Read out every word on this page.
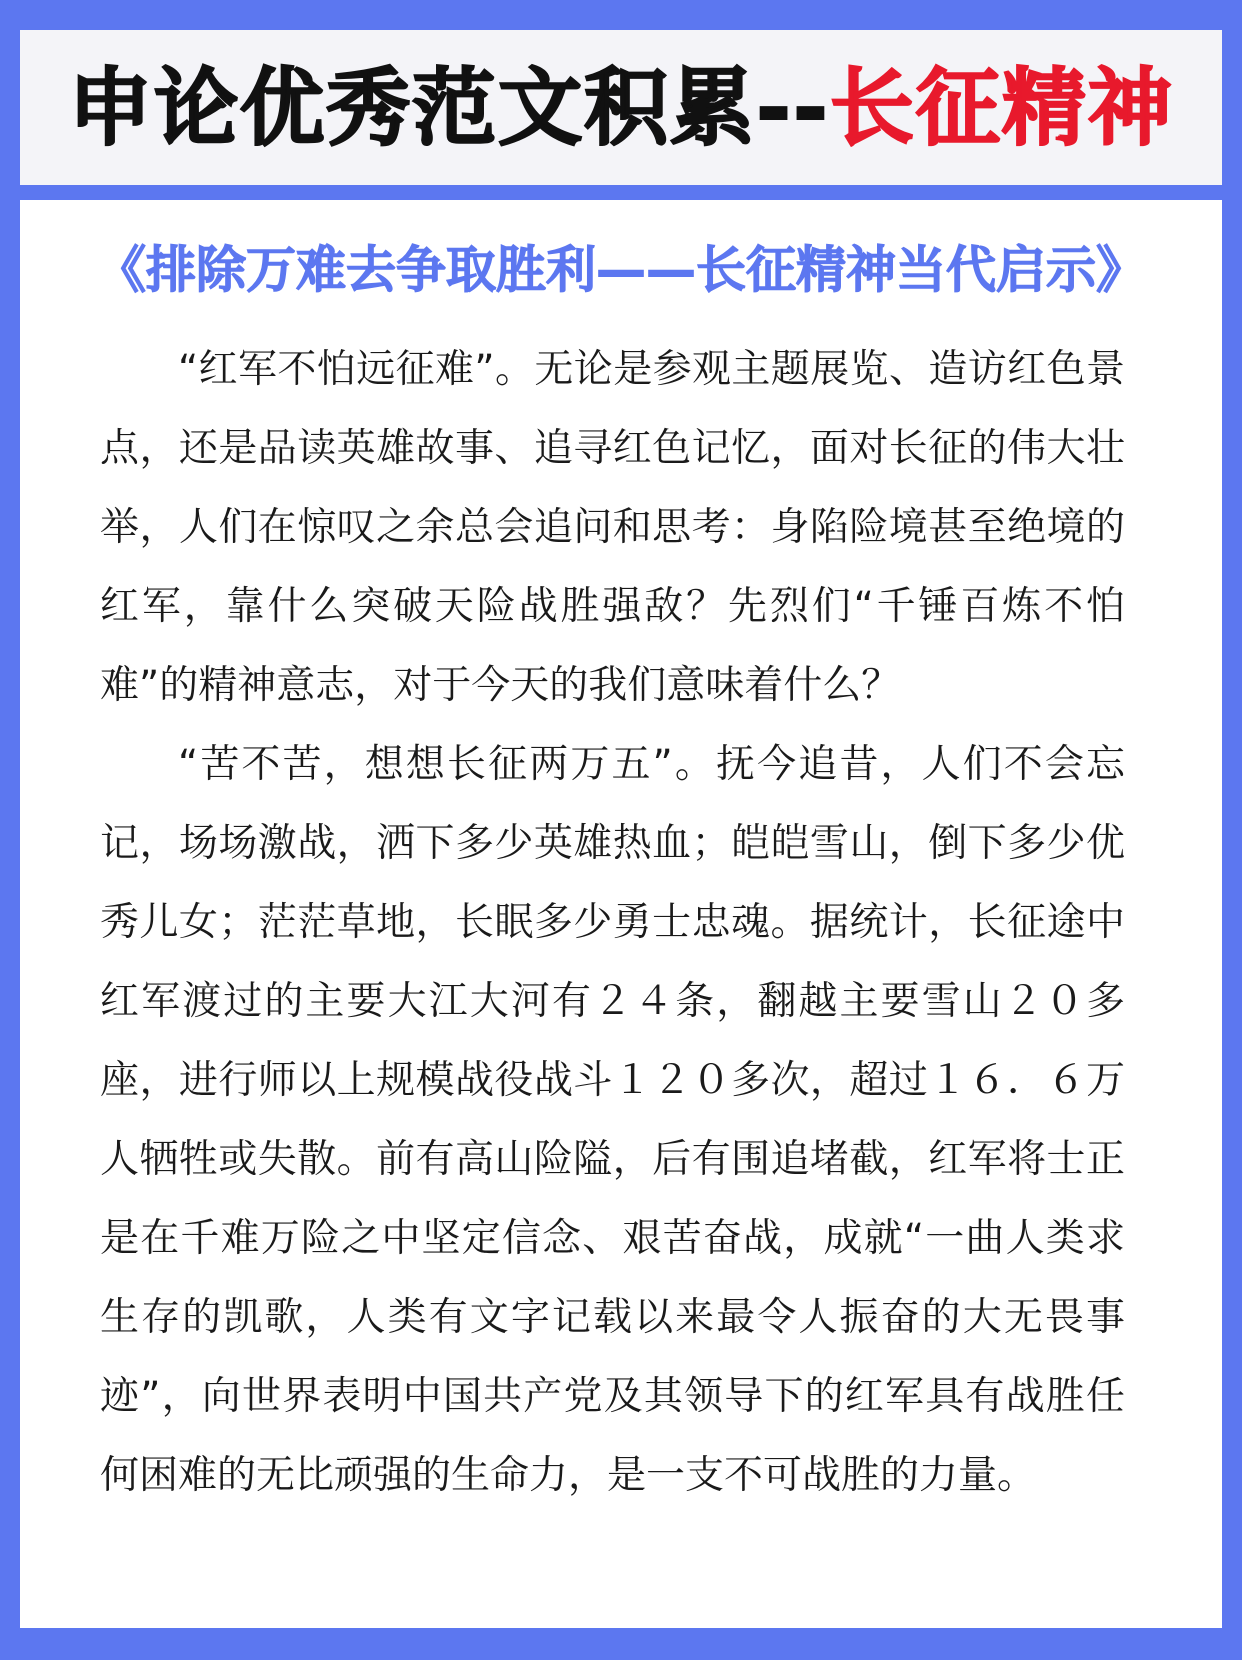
申论优秀范文积累--长征精神
《排除万难去争取胜利——长征精神当代启示》

“红军不怕远征难”。无论是参观主题展览、造访红色景点，还是品读英雄故事、追寻红色记忆，面对长征的伟大壮举，人们在惊叹之余总会追问和思考：身陷险境甚至绝境的红军，靠什么突破天险战胜强敌？先烈们“千锤百炼不怕难”的精神意志，对于今天的我们意味着什么？

“苦不苦，想想长征两万五”。抚今追昔，人们不会忘记，场场激战，洒下多少英雄热血；皑皑雪山，倒下多少优秀儿女；茫茫草地，长眠多少勇士忠魂。据统计，长征途中红军渡过的主要大江大河有２４条，翻越主要雪山２０多座，进行师以上规模战役战斗１２０多次，超过１６．６万人牺牲或失散。前有高山险隘，后有围追堵截，红军将士正是在千难万险之中坚定信念、艰苦奋战，成就“一曲人类求生存的凯歌，人类有文字记载以来最令人振奋的大无畏事迹”，向世界表明中国共产党及其领导下的红军具有战胜任何困难的无比顽强的生命力，是一支不可战胜的力量。
